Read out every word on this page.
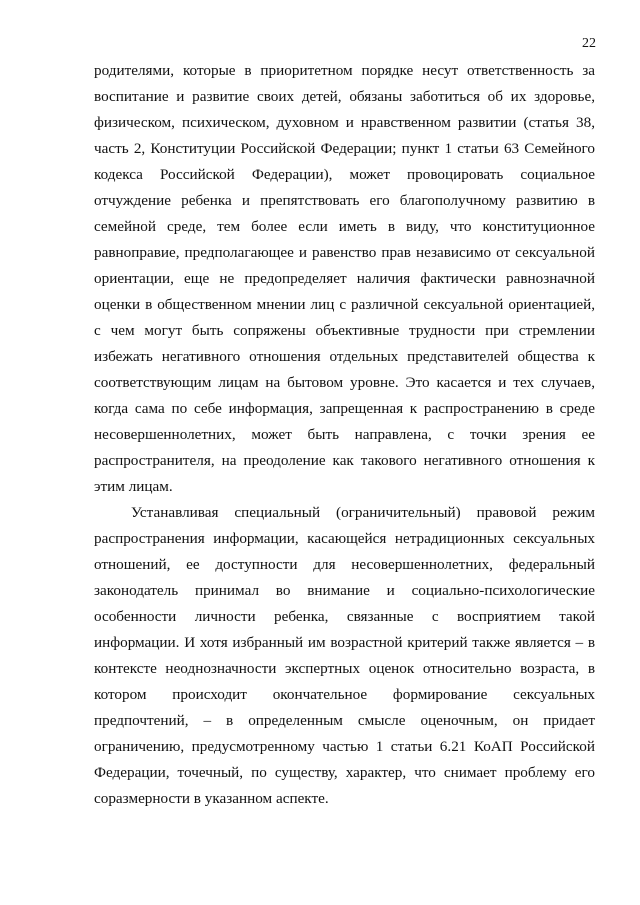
22

родителями, которые в приоритетном порядке несут ответственность за воспитание и развитие своих детей, обязаны заботиться об их здоровье, физическом, психическом, духовном и нравственном развитии (статья 38, часть 2, Конституции Российской Федерации; пункт 1 статьи 63 Семейного кодекса Российской Федерации), может провоцировать социальное отчуждение ребенка и препятствовать его благополучному развитию в семейной среде, тем более если иметь в виду, что конституционное равноправие, предполагающее и равенство прав независимо от сексуальной ориентации, еще не предопределяет наличия фактически равнозначной оценки в общественном мнении лиц с различной сексуальной ориентацией, с чем могут быть сопряжены объективные трудности при стремлении избежать негативного отношения отдельных представителей общества к соответствующим лицам на бытовом уровне. Это касается и тех случаев, когда сама по себе информация, запрещенная к распространению в среде несовершеннолетних, может быть направлена, с точки зрения ее распространителя, на преодоление как такового негативного отношения к этим лицам.

Устанавливая специальный (ограничительный) правовой режим распространения информации, касающейся нетрадиционных сексуальных отношений, ее доступности для несовершеннолетних, федеральный законодатель принимал во внимание и социально-психологические особенности личности ребенка, связанные с восприятием такой информации. И хотя избранный им возрастной критерий также является – в контексте неоднозначности экспертных оценок относительно возраста, в котором происходит окончательное формирование сексуальных предпочтений, – в определенным смысле оценочным, он придает ограничению, предусмотренному частью 1 статьи 6.21 КоАП Российской Федерации, точечный, по существу, характер, что снимает проблему его соразмерности в указанном аспекте.
